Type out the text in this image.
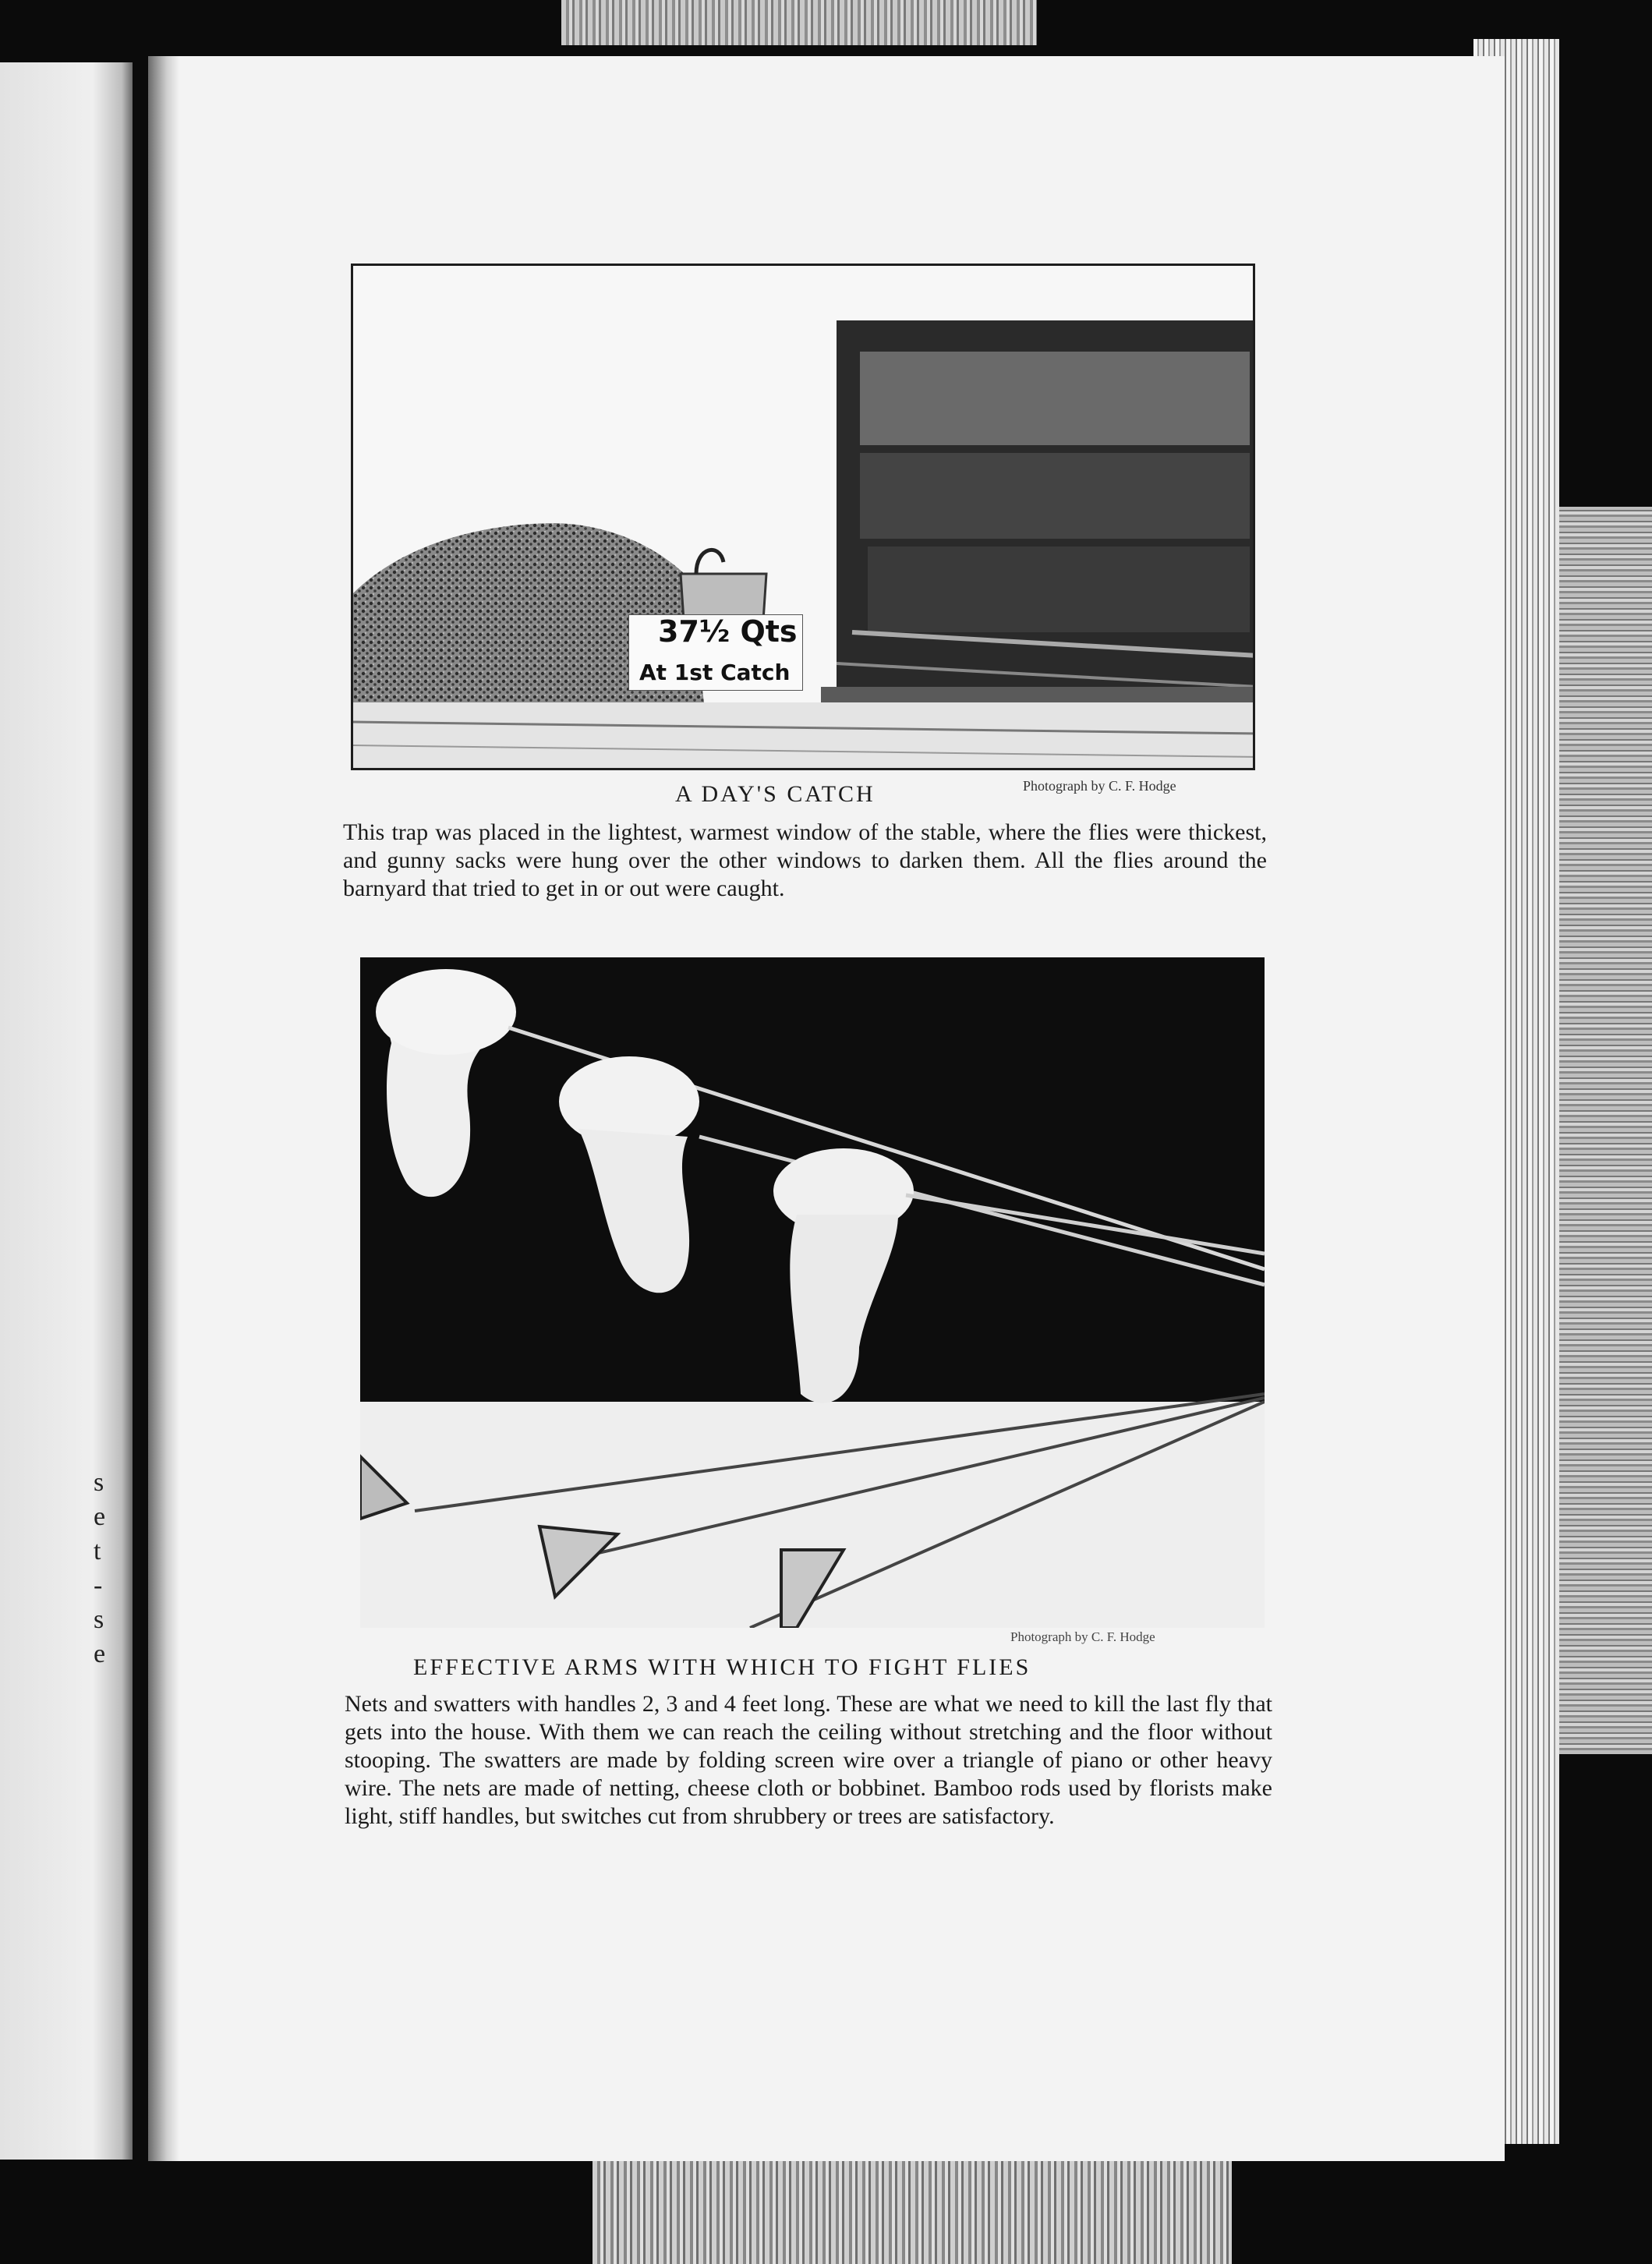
s
e
t
-
s
e
37½ Qts
At 1st Catch
A DAY'S CATCH	Photograph by C. F. Hodge
This trap was placed in the lightest, warmest window of the stable, where the flies were thickest, and gunny sacks were hung over the other windows to darken them. All the flies around the barnyard that tried to get in or out were caught.
Photograph by C. F. Hodge
EFFECTIVE ARMS WITH WHICH TO FIGHT FLIES
Nets and swatters with handles 2, 3 and 4 feet long. These are what we need to kill the last fly that gets into the house. With them we can reach the ceiling without stretching and the floor without stooping. The swatters are made by folding screen wire over a triangle of piano or other heavy wire. The nets are made of netting, cheese cloth or bobbinet. Bamboo rods used by florists make light, stiff handles, but switches cut from shrubbery or trees are satisfactory.
